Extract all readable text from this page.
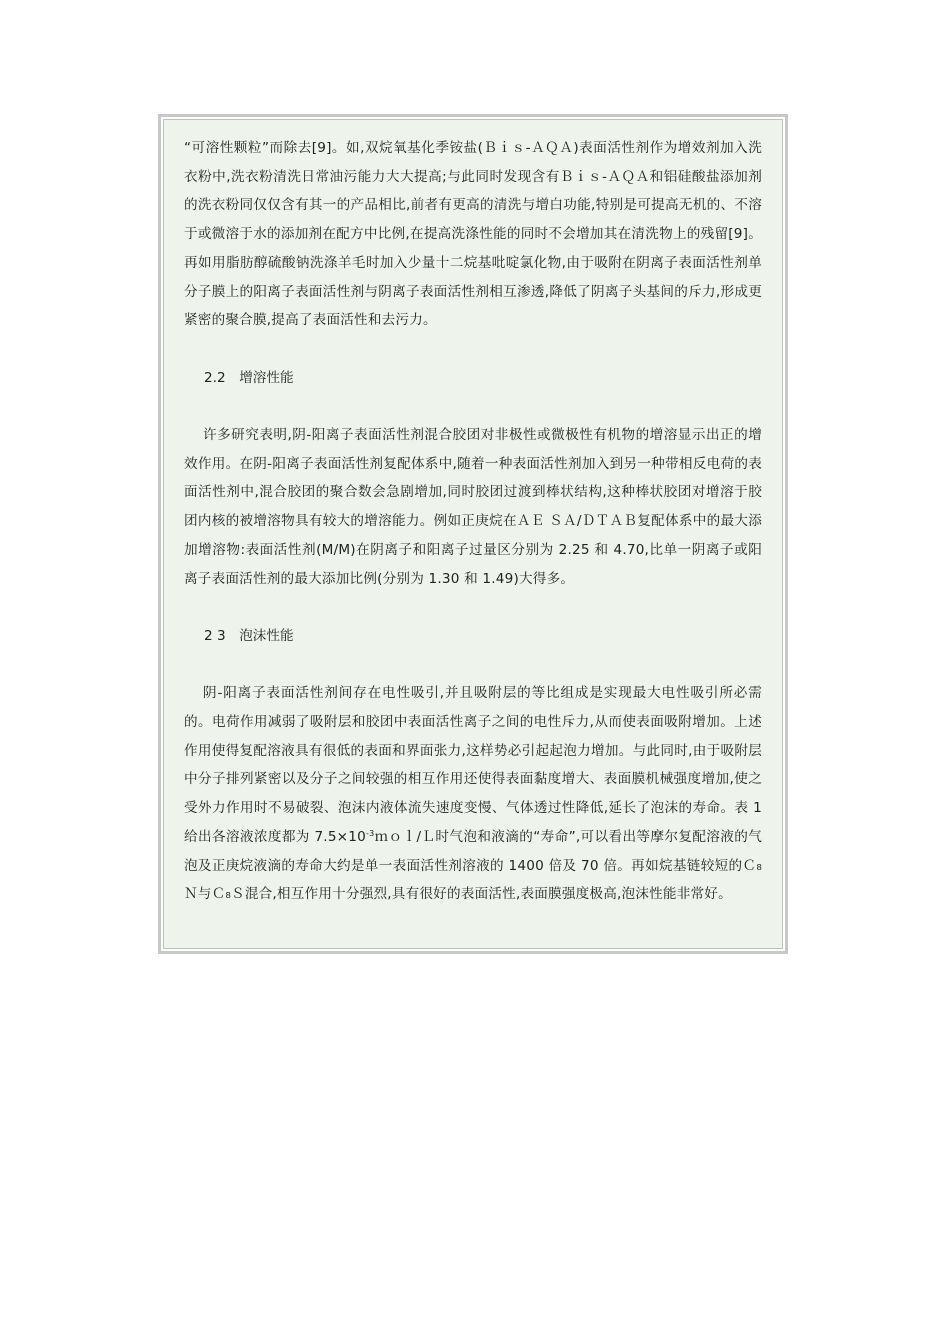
“可溶性颗粒”而除去[9]。如,双烷氧基化季铵盐(Ｂｉｓ-ＡＱＡ)表面活性剂作为增效剂加入洗衣粉中,洗衣粉清洗日常油污能力大大提高;与此同时发现含有Ｂｉｓ-ＡＱＡ和铝硅酸盐添加剂的洗衣粉同仅仅含有其一的产品相比,前者有更高的清洗与增白功能,特别是可提高无机的、不溶于或微溶于水的添加剂在配方中比例,在提高洗涤性能的同时不会增加其在清洗物上的残留[9]。再如用脂肪醇硫酸钠洗涤羊毛时加入少量十二烷基吡啶氯化物,由于吸附在阴离子表面活性剂单分子膜上的阳离子表面活性剂与阴离子表面活性剂相互渗透,降低了阴离子头基间的斥力,形成更紧密的聚合膜,提高了表面活性和去污力。

2.2　增溶性能

许多研究表明,阴-阳离子表面活性剂混合胶团对非极性或微极性有机物的增溶显示出正的增效作用。在阴-阳离子表面活性剂复配体系中,随着一种表面活性剂加入到另一种带相反电荷的表面活性剂中,混合胶团的聚合数会急剧增加,同时胶团过渡到棒状结构,这种棒状胶团对增溶于胶团内核的被增溶物具有较大的增溶能力。例如正庚烷在ＡＥ ＳＡ/ＤＴＡＢ复配体系中的最大添加增溶物:表面活性剂(M/M)在阴离子和阳离子过量区分别为 2.25 和 4.70,比单一阴离子或阳离子表面活性剂的最大添加比例(分别为 1.30 和 1.49)大得多。

2 3　泡沫性能

阴-阳离子表面活性剂间存在电性吸引,并且吸附层的等比组成是实现最大电性吸引所必需的。电荷作用减弱了吸附层和胶团中表面活性离子之间的电性斥力,从而使表面吸附增加。上述作用使得复配溶液具有很低的表面和界面张力,这样势必引起起泡力增加。与此同时,由于吸附层中分子排列紧密以及分子之间较强的相互作用还使得表面黏度增大、表面膜机械强度增加,使之受外力作用时不易破裂、泡沫内液体流失速度变慢、气体透过性降低,延长了泡沫的寿命。表 1 给出各溶液浓度都为 $7.5\times 10^{-3}mol/L$时气泡和液滴的“寿命”,可以看出等摩尔复配溶液的气泡及正庚烷液滴的寿命大约是单一表面活性剂溶液的 1400 倍及 70 倍。再如烷基链较短的Ｃ₈Ｎ与Ｃ₈Ｓ混合,相互作用十分强烈,具有很好的表面活性,表面膜强度极高,泡沫性能非常好。
